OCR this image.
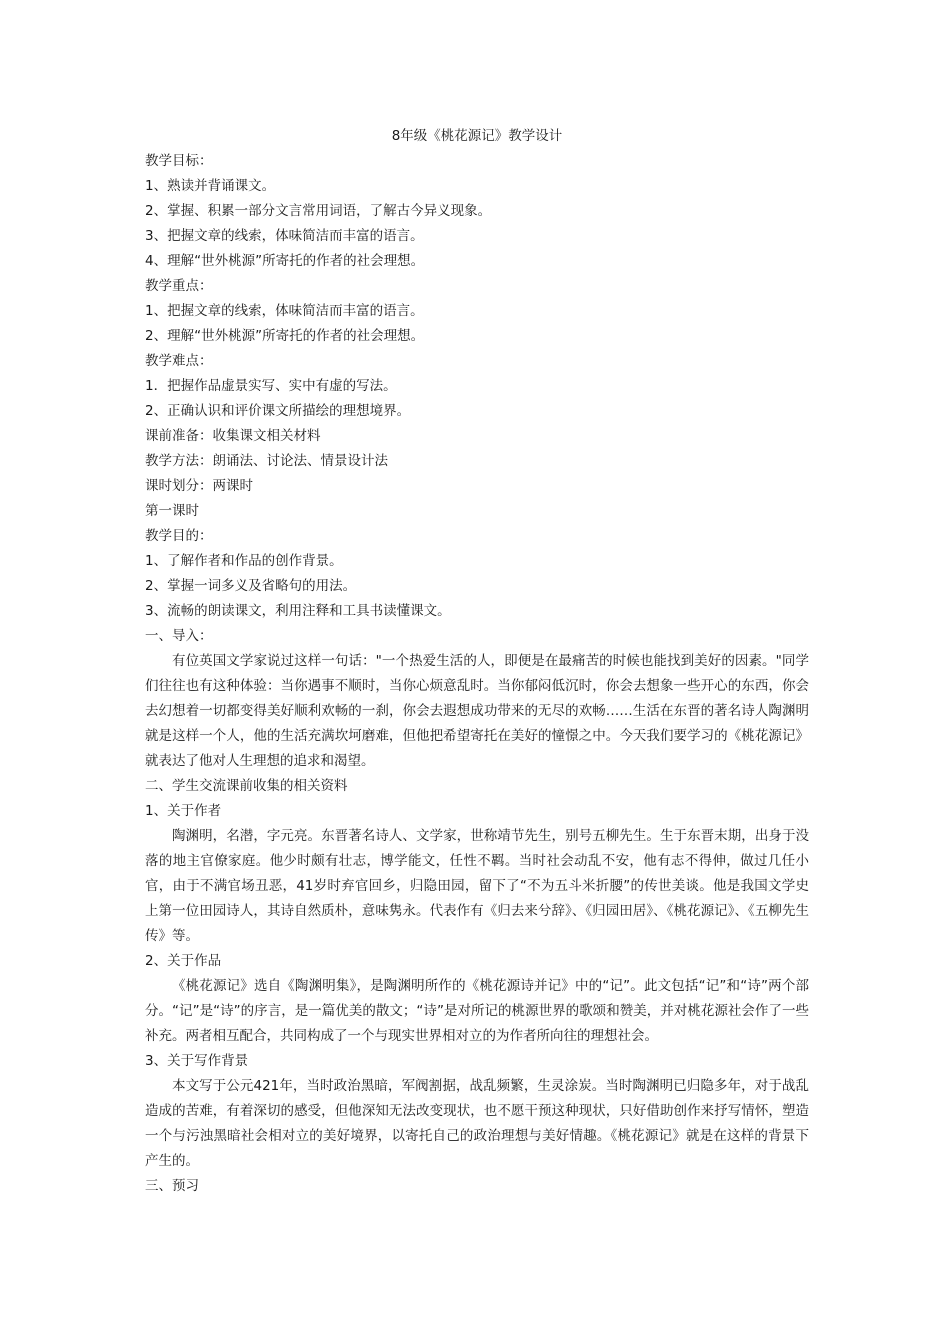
8年级《桃花源记》教学设计
教学目标：
1、熟读并背诵课文。
2、掌握、积累一部分文言常用词语，了解古今异义现象。
3、把握文章的线索，体味简洁而丰富的语言。
4、理解“世外桃源”所寄托的作者的社会理想。
教学重点：
1、把握文章的线索，体味简洁而丰富的语言。
2、理解“世外桃源”所寄托的作者的社会理想。
教学难点：
1．把握作品虚景实写、实中有虚的写法。
2、正确认识和评价课文所描绘的理想境界。
课前准备：收集课文相关材料
教学方法：朗诵法、讨论法、情景设计法
课时划分：两课时
第一课时
教学目的：
1、了解作者和作品的创作背景。
2、掌握一词多义及省略句的用法。
3、流畅的朗读课文，利用注释和工具书读懂课文。
一、导入：

有位英国文学家说过这样一句话："一个热爱生活的人，即便是在最痛苦的时候也能找到美好的因素。"同学们往往也有这种体验：当你遇事不顺时，当你心烦意乱时。当你郁闷低沉时，你会去想象一些开心的东西，你会去幻想着一切都变得美好顺利欢畅的一刹，你会去遐想成功带来的无尽的欢畅……生活在东晋的著名诗人陶渊明就是这样一个人，他的生活充满坎坷磨难，但他把希望寄托在美好的憧憬之中。今天我们要学习的《桃花源记》就表达了他对人生理想的追求和渴望。

二、学生交流课前收集的相关资料
1、关于作者

陶渊明，名潜，字元亮。东晋著名诗人、文学家，世称靖节先生，别号五柳先生。生于东晋末期，出身于没落的地主官僚家庭。他少时颇有壮志，博学能文，任性不羁。当时社会动乱不安，他有志不得伸，做过几任小官，由于不满官场丑恶，41岁时弃官回乡，归隐田园，留下了“不为五斗米折腰”的传世美谈。他是我国文学史上第一位田园诗人，其诗自然质朴，意味隽永。代表作有《归去来兮辞》、《归园田居》、《桃花源记》、《五柳先生传》等。

2、关于作品

《桃花源记》选自《陶渊明集》，是陶渊明所作的《桃花源诗并记》中的“记”。此文包括“记”和“诗”两个部分。“记”是“诗”的序言，是一篇优美的散文；“诗”是对所记的桃源世界的歌颂和赞美，并对桃花源社会作了一些补充。两者相互配合，共同构成了一个与现实世界相对立的为作者所向往的理想社会。

3、关于写作背景

本文写于公元421年，当时政治黑暗，军阀割据，战乱频繁，生灵涂炭。当时陶渊明已归隐多年，对于战乱造成的苦难，有着深切的感受，但他深知无法改变现状，也不愿干预这种现状，只好借助创作来抒写情怀，塑造一个与污浊黑暗社会相对立的美好境界，以寄托自己的政治理想与美好情趣。《桃花源记》就是在这样的背景下产生的。

三、预习
